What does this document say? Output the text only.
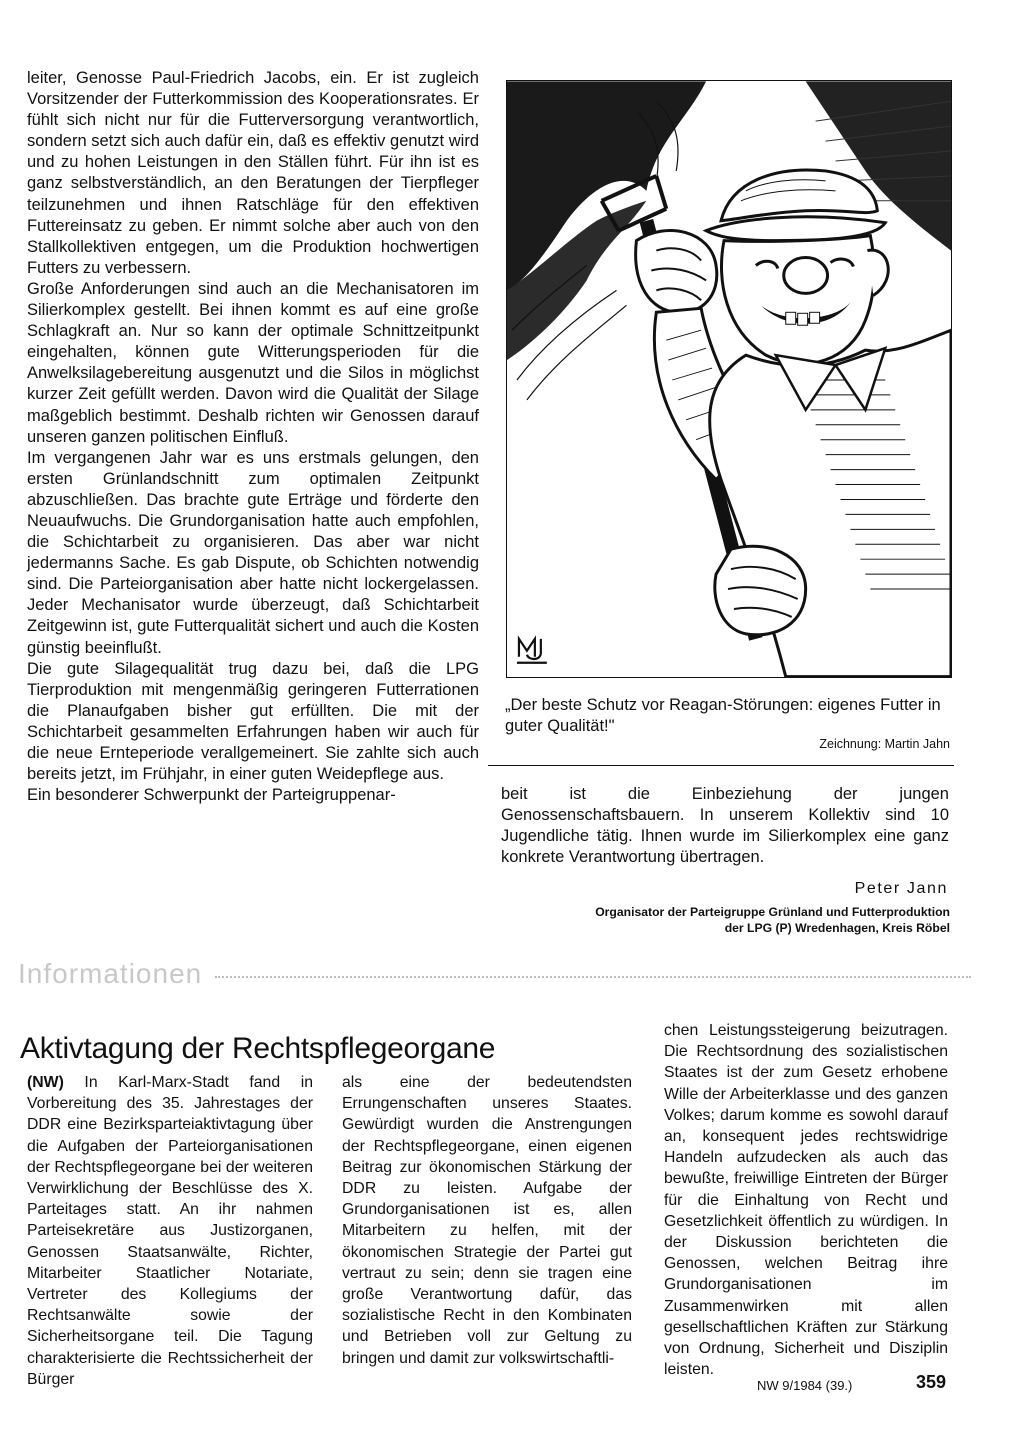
leiter, Genosse Paul-Friedrich Jacobs, ein. Er ist zugleich Vorsitzender der Futterkommission des Kooperationsrates. Er fühlt sich nicht nur für die Futterversorgung verantwortlich, sondern setzt sich auch dafür ein, daß es effektiv genutzt wird und zu hohen Leistungen in den Ställen führt. Für ihn ist es ganz selbstverständlich, an den Beratungen der Tierpfleger teilzunehmen und ihnen Ratschläge für den effektiven Futtereinsatz zu geben. Er nimmt solche aber auch von den Stallkollektiven entgegen, um die Produktion hochwertigen Futters zu verbessern.

Große Anforderungen sind auch an die Mechanisatoren im Silierkomplex gestellt. Bei ihnen kommt es auf eine große Schlagkraft an. Nur so kann der optimale Schnittzeitpunkt eingehalten, können gute Witterungsperioden für die Anwelksilagebereitung ausgenutzt und die Silos in möglichst kurzer Zeit gefüllt werden. Davon wird die Qualität der Silage maßgeblich bestimmt. Deshalb richten wir Genossen darauf unseren ganzen politischen Einfluß.

Im vergangenen Jahr war es uns erstmals gelungen, den ersten Grünlandschnitt zum optimalen Zeitpunkt abzuschließen. Das brachte gute Erträge und förderte den Neuaufwuchs. Die Grundorganisation hatte auch empfohlen, die Schichtarbeit zu organisieren. Das aber war nicht jedermanns Sache. Es gab Dispute, ob Schichten notwendig sind. Die Parteiorganisation aber hatte nicht lockergelassen. Jeder Mechanisator wurde überzeugt, daß Schichtarbeit Zeitgewinn ist, gute Futterqualität sichert und auch die Kosten günstig beeinflußt.

Die gute Silagequalität trug dazu bei, daß die LPG Tierproduktion mit mengenmäßig geringeren Futterrationen die Planaufgaben bisher gut erfüllten. Die mit der Schichtarbeit gesammelten Erfahrungen haben wir auch für die neue Ernteperiode verallgemeinert. Sie zahlte sich auch bereits jetzt, im Frühjahr, in einer guten Weidepflege aus.

Ein besonderer Schwerpunkt der Parteigruppenar-

„Der beste Schutz vor Reagan-Störungen: eigenes Futter in guter Qualität!"
Zeichnung: Martin Jahn

beit ist die Einbeziehung der jungen Genossenschaftsbauern. In unserem Kollektiv sind 10 Jugendliche tätig. Ihnen wurde im Silierkomplex eine ganz konkrete Verantwortung übertragen.

Peter Jann
Organisator der Parteigruppe Grünland und Futterproduktion
der LPG (P) Wredenhagen, Kreis Röbel
Informationen
Aktivtagung der Rechtspflegeorgane
(NW) In Karl-Marx-Stadt fand in Vorbereitung des 35. Jahrestages der DDR eine Bezirksparteiaktivtagung über die Aufgaben der Parteiorganisationen der Rechtspflegeorgane bei der weiteren Verwirklichung der Beschlüsse des X. Parteitages statt. An ihr nahmen Parteisekretäre aus Justizorganen, Genossen Staatsanwälte, Richter, Mitarbeiter Staatlicher Notariate, Vertreter des Kollegiums der Rechtsanwälte sowie der Sicherheitsorgane teil. Die Tagung charakterisierte die Rechtssicherheit der Bürger
als eine der bedeutendsten Errungenschaften unseres Staates. Gewürdigt wurden die Anstrengungen der Rechtspflegeorgane, einen eigenen Beitrag zur ökonomischen Stärkung der DDR zu leisten. Aufgabe der Grundorganisationen ist es, allen Mitarbeitern zu helfen, mit der ökonomischen Strategie der Partei gut vertraut zu sein; denn sie tragen eine große Verantwortung dafür, das sozialistische Recht in den Kombinaten und Betrieben voll zur Geltung zu bringen und damit zur volkswirtschaftli-
chen Leistungssteigerung beizutragen. Die Rechtsordnung des sozialistischen Staates ist der zum Gesetz erhobene Wille der Arbeiterklasse und des ganzen Volkes; darum komme es sowohl darauf an, konsequent jedes rechtswidrige Handeln aufzudecken als auch das bewußte, freiwillige Eintreten der Bürger für die Einhaltung von Recht und Gesetzlichkeit öffentlich zu würdigen. In der Diskussion berichteten die Genossen, welchen Beitrag ihre Grundorganisationen im Zusammenwirken mit allen gesellschaftlichen Kräften zur Stärkung von Ordnung, Sicherheit und Disziplin leisten.
NW 9/1984 (39.)	359
